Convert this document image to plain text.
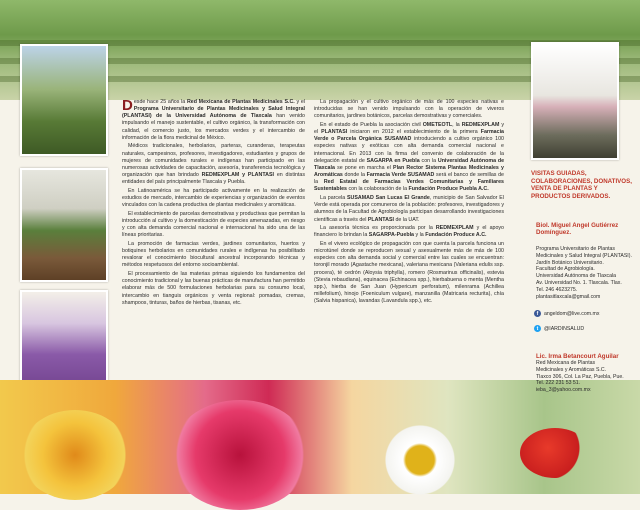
Desde hace 25 años la Red Mexicana de Plantas Medicinales S.C. y el Programa Universitario de Plantas Medicinales y Salud Integral (PLANTASI) de la Universidad Autónoma de Tlaxcala han venido impulsando el manejo sustentable, el cultivo orgánico, la transformación con calidad, el comercio justo, los mercados verdes y el intercambio de información de la flora medicinal de México.

Médicos tradicionales, herbolarios, parteras, curanderas, terapeutas naturales, campesinos, profesores, investigadores, estudiantes y grupos de mujeres de comunidades rurales e indígenas han participado en las numerosas actividades de capacitación, asesoría, transferencia tecnológica y organización que han brindado REDMEXPLAM y PLANTASI en distintas entidades del país principalmente Tlaxcala y Puebla.

En Latinoamérica se ha participado activamente en la realización de estudios de mercado, intercambio de experiencias y organización de eventos vinculados con la cadena productiva de plantas medicinales y aromáticas.

El establecimiento de parcelas demostrativas y productivas que permitan la introducción al cultivo y la domesticación de especies amenazadas, en riesgo y con alta demanda comercial nacional e internacional ha sido una de las líneas prioritarias.

La promoción de farmacias verdes, jardines comunitarios, huertos y botiquines herbolarios en comunidades rurales e indígenas ha posibilitado revalorar el conocimiento biocultural ancestral incorporando técnicas y métodos respetuosos del entorno socioambiental.

El procesamiento de las materias primas siguiendo los fundamentos del conocimiento tradicional y las buenas prácticas de manufactura han permitido elaborar más de 500 formulaciones herbolarias para su consumo local, intercambio en tianguis orgánicos y venta regional: pomadas, cremas, shampoos, tinturas, baños de hierbas, tisanas, etc.

La propagación y el cultivo orgánico de más de 100 especies nativas e introducidas se han venido impulsando con la operación de viveros comunitarios, jardines botánicos, parcelas demostrativas y comerciales.

En el estado de Puebla la asociación civil OMETEOTL, la REDMEXPLAM y el PLANTASI iniciaron en 2012 el establecimiento de la primera Farmacia Verde o Parcela Orgánica SUSAMAD introduciendo a cultivo orgánico 100 especies nativas y exóticas con alta demanda comercial nacional e internacional. En 2013 con la firma del convenio de colaboración de la delegación estatal de SAGARPA en Puebla con la Universidad Autónoma de Tlaxcala se pone en marcha el Plan Rector Sistema Plantas Medicinales y Aromáticas donde la Farmacia Verde SUSAMAD será el banco de semillas de la Red Estatal de Farmacias Verdes Comunitarias y Familiares Sustentables con la colaboración de la Fundación Produce Puebla A.C.

La parcela SUSAMAD San Lucas El Grande, municipio de San Salvador El Verde está operada por comuneros de la población: profesores, investigadores y alumnos de la Facultad de Agrobiología participan desarrollando investigaciones científicas a través del PLANTASI de la UAT.

La asesoría técnica es proporcionada por la REDMEXPLAM y el apoyo financiero lo brindan la SAGARPA-Puebla y la Fundación Produce A.C.

En el vivero ecológico de propagación con que cuenta la parcela funciona un microtúnel donde se reproducen sexual y asexualmente más de más de 100 especies con alta demanda social y comercial entre las cuales se encuentran: toronjil morado (Agastache mexicana), valeriana mexicana (Valeriana edulis ssp. procera), té cedrón (Aloysia triphylla), romero (Rosmarinus officinalis), estevia (Stevia rebaudiana), equinacea (Echinacea spp.), hierbabuena o menta (Mentha spp.), hierba de San Juan (Hypericum perforatum), milenrama (Achillea millefolium), hinojo (Foeniculum vulgare), manzanilla (Matricaria recturita), chía (Salvia hispanica), lavandas (Lavandula spp.), etc.

VISITAS GUIADAS, COLABORACIONES, DONATIVOS, VENTA DE PLANTAS Y PRODUCTOS DERIVADOS.
Biol. Miguel Angel Gutiérrez Domínguez.
Programa Universitario de Plantas
Medicinales y Salud Integral (PLANTASI).
Jardín Botánico Universitario.
Facultad de Agrobiología.
Universidad Autónoma de Tlaxcala
Av. Universidad No. 1. Tlaxcala. Tlax.
Tel. 246 4623275.
plantasitlaxcala@gmail.com
f	angeldom@live.com.mx
t	@IARDINSALUD
Lic. Irma Betancourt Aguilar
Red Mexicana de Plantas
Medicinales y Aromáticas S.C.
Tlaxco 306, Col. La Paz, Puebla, Pue.
Tel. 222 231 53 51.
ieba_3@yahoo.com.mx
